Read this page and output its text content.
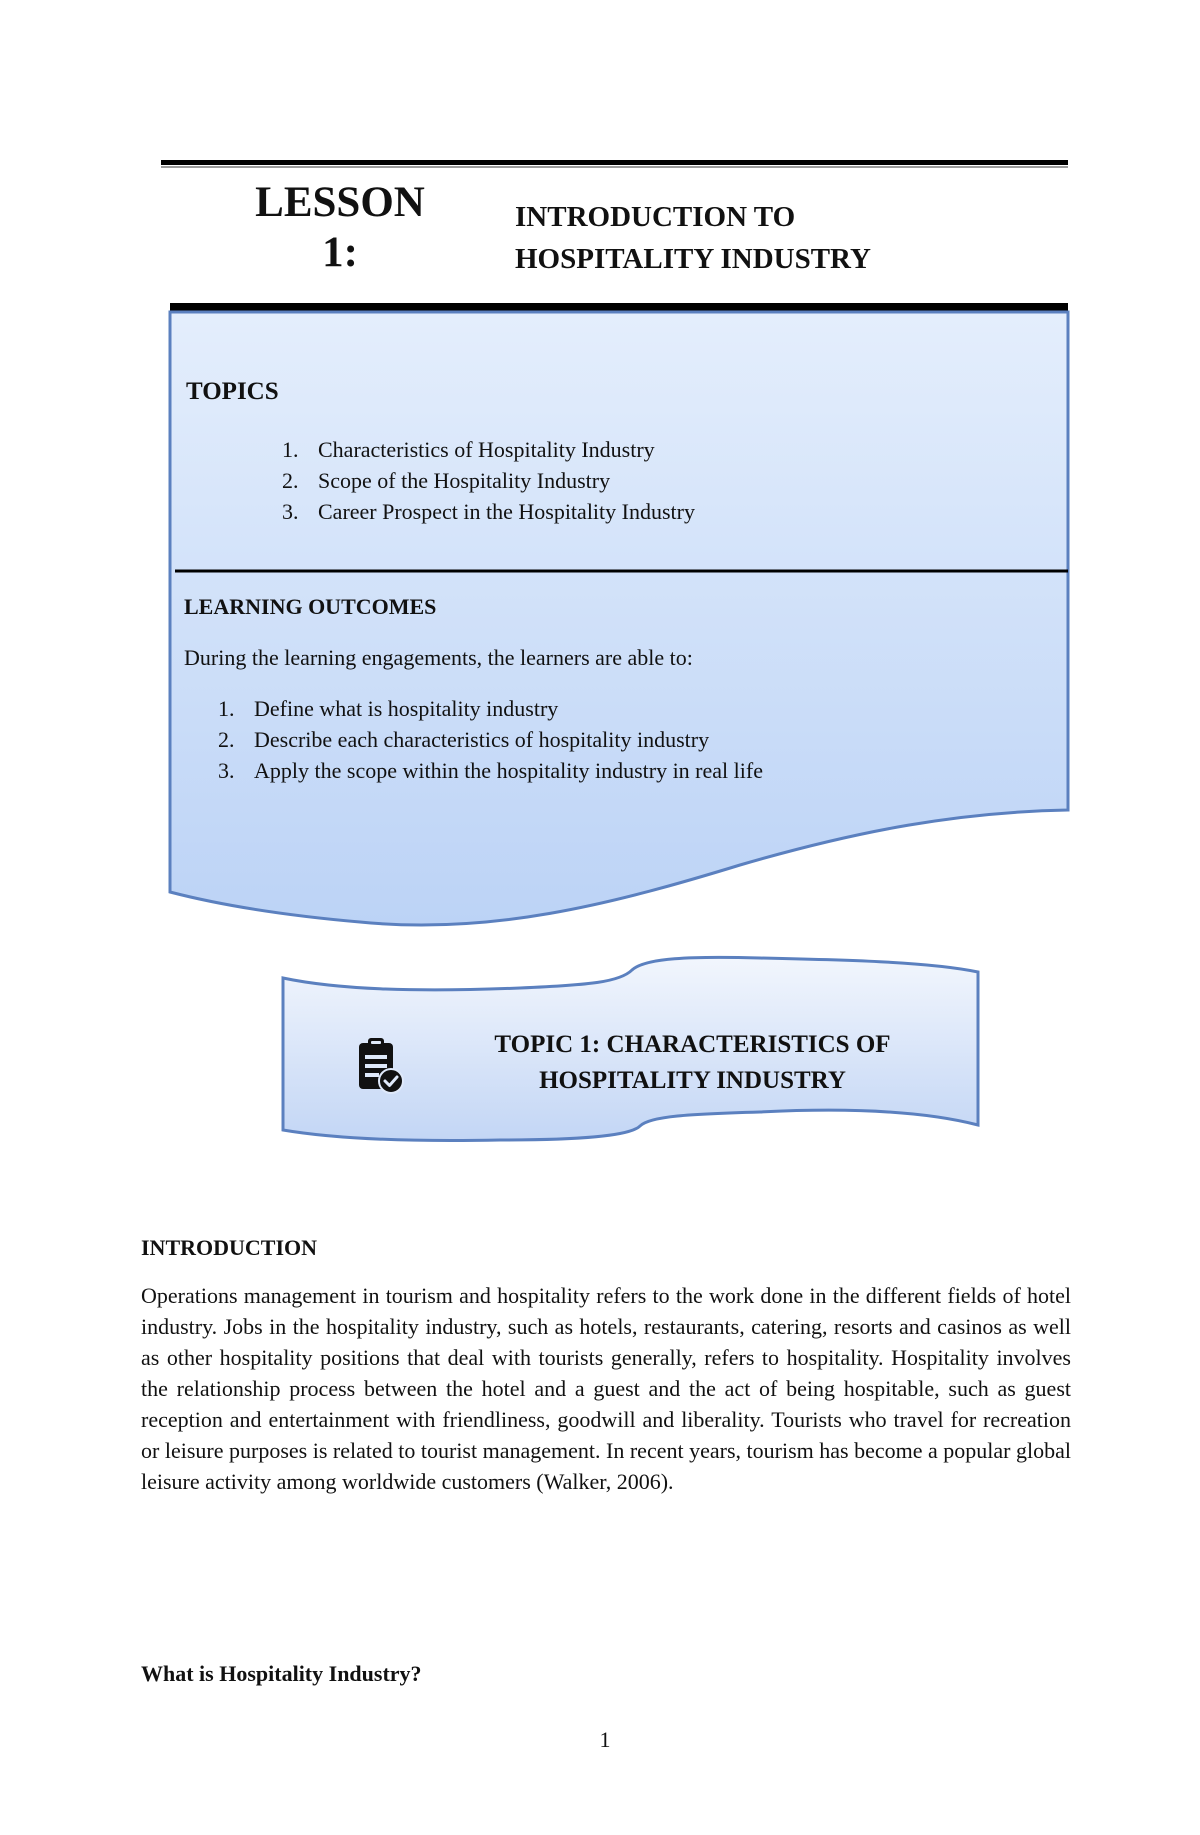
LESSON
1:
INTRODUCTION TO
HOSPITALITY INDUSTRY
TOPICS
1. Characteristics of Hospitality Industry
2. Scope of the Hospitality Industry
3. Career Prospect in the Hospitality Industry
LEARNING OUTCOMES
During the learning engagements, the learners are able to:
1. Define what is hospitality industry
2. Describe each characteristics of hospitality industry
3. Apply the scope within the hospitality industry in real life
TOPIC 1: CHARACTERISTICS OF
HOSPITALITY INDUSTRY
INTRODUCTION
Operations management in tourism and hospitality refers to the work done in the different fields of hotel industry. Jobs in the hospitality industry, such as hotels, restaurants, catering, resorts and casinos as well as other hospitality positions that deal with tourists generally, refers to hospitality. Hospitality involves the relationship process between the hotel and a guest and the act of being hospitable, such as guest reception and entertainment with friendliness, goodwill and liberality. Tourists who travel for recreation or leisure purposes is related to tourist management. In recent years, tourism has become a popular global leisure activity among worldwide customers (Walker, 2006).
What is Hospitality Industry?
1
